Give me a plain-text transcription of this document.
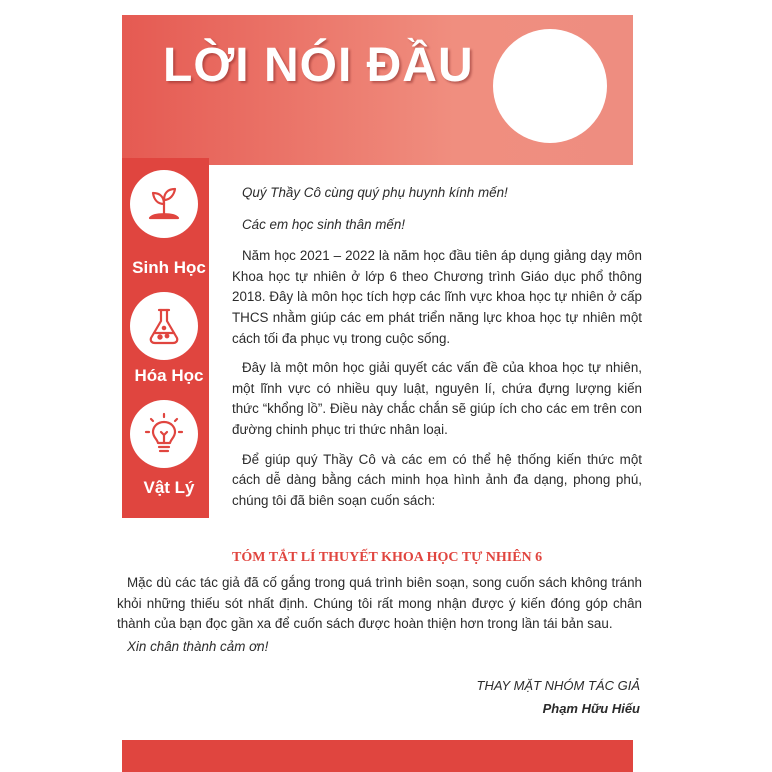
LỜI NÓI ĐẦU
Sinh Học
Hóa Học
Vật Lý

Quý Thầy Cô cùng quý phụ huynh kính mến!

Các em học sinh thân mến!

Năm học 2021 – 2022 là năm học đầu tiên áp dụng giảng dạy môn Khoa học tự nhiên ở lớp 6 theo Chương trình Giáo dục phổ thông 2018. Đây là môn học tích hợp các lĩnh vực khoa học tự nhiên ở cấp THCS nhằm giúp các em phát triển năng lực khoa học tự nhiên một cách tối đa phục vụ trong cuộc sống.

Đây là một môn học giải quyết các vấn đề của khoa học tự nhiên, một lĩnh vực có nhiều quy luật, nguyên lí, chứa đựng lượng kiến thức “khổng lồ”. Điều này chắc chắn sẽ giúp ích cho các em trên con đường chinh phục tri thức nhân loại.

Để giúp quý Thầy Cô và các em có thể hệ thống kiến thức một cách dễ dàng bằng cách minh họa hình ảnh đa dạng, phong phú, chúng tôi đã biên soạn cuốn sách:

TÓM TẮT LÍ THUYẾT KHOA HỌC TỰ NHIÊN 6

Mặc dù các tác giả đã cố gắng trong quá trình biên soạn, song cuốn sách không tránh khỏi những thiếu sót nhất định. Chúng tôi rất mong nhận được ý kiến đóng góp chân thành của bạn đọc gần xa để cuốn sách được hoàn thiện hơn trong lần tái bản sau.

Xin chân thành cảm ơn!

THAY MẶT NHÓM TÁC GIẢ
Phạm Hữu Hiếu
